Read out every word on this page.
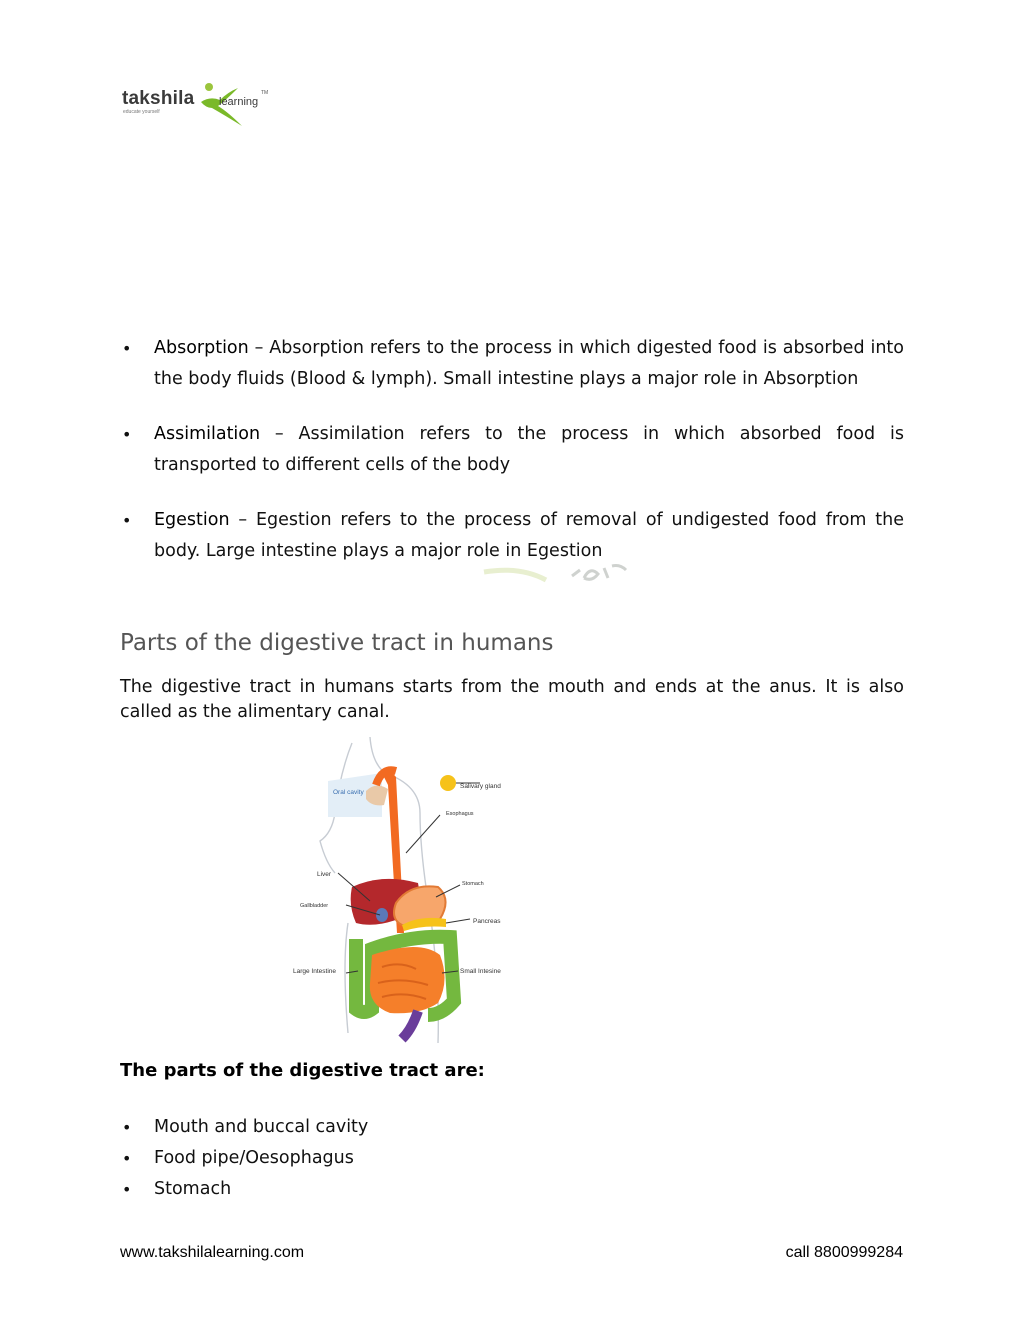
takshila learning
TM
educate yourself
• Absorption – Absorption refers to the process in which digested food is absorbed into the body fluids (Blood & lymph). Small intestine plays a major role in Absorption
• Assimilation – Assimilation refers to the process in which absorbed food is transported to different cells of the body
• Egestion – Egestion refers to the process of removal of undigested food from the body. Large intestine plays a major role in Egestion
Parts of the digestive tract in humans

The digestive tract in humans starts from the mouth and ends at the anus. It is also called as the alimentary canal.

Oral cavity
Salivary gland
Esophagus
Liver
Stomach
Gallbladder
Pancreas
Large Intestine	Small Intesine
The parts of the digestive tract are:
• Mouth and buccal cavity
• Food pipe/Oesophagus
• Stomach
www.takshilalearning.com	call 8800999284
